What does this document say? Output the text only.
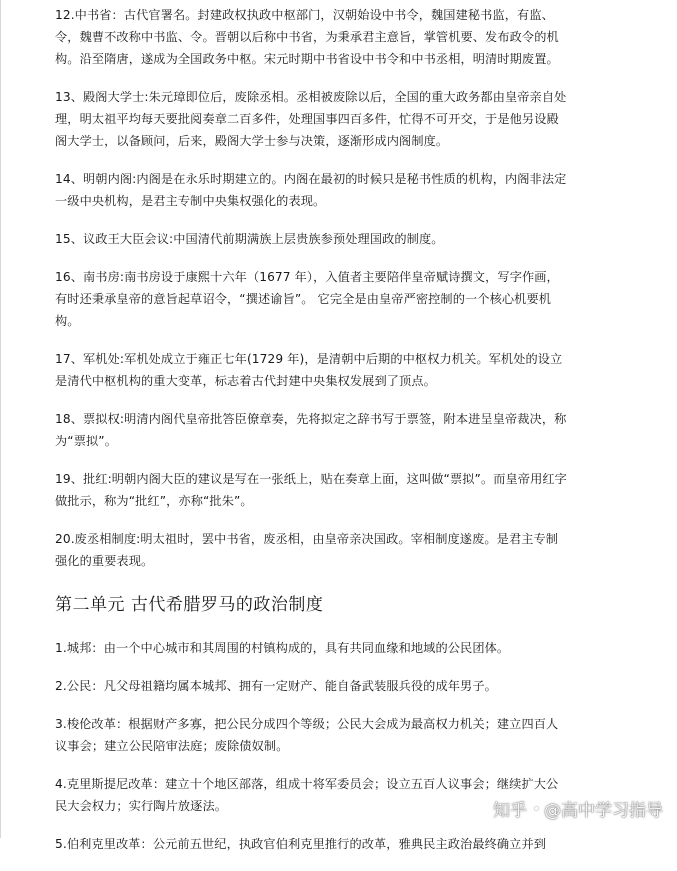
12.中书省：古代官署名。封建政权执政中枢部门，汉朝始设中书令，魏国建秘书监，有监、令，魏曹不改称中书监、令。晋朝以后称中书省，为秉承君主意旨，掌管机要、发布政令的机构。沿至隋唐，遂成为全国政务中枢。宋元时期中书省设中书令和中书丞相，明清时期废置。

13、殿阁大学士:朱元璋即位后，废除丞相。丞相被废除以后，全国的重大政务都由皇帝亲自处理，明太祖平均每天要批阅奏章二百多件，处理国事四百多件，忙得不可开交，于是他另设殿阁大学士，以备顾问，后来，殿阁大学士参与决策，逐渐形成内阁制度。

14、明朝内阁:内阁是在永乐时期建立的。内阁在最初的时候只是秘书性质的机构，内阁非法定一级中央机构，是君主专制中央集权强化的表现。

15、议政王大臣会议:中国清代前期满族上层贵族参预处理国政的制度。

16、南书房:南书房设于康熙十六年（1677 年），入值者主要陪伴皇帝赋诗撰文，写字作画，有时还秉承皇帝的意旨起草诏令，“撰述谕旨”。 它完全是由皇帝严密控制的一个核心机要机构。

17、军机处:军机处成立于雍正七年(1729 年)，是清朝中后期的中枢权力机关。军机处的设立是清代中枢机构的重大变革，标志着古代封建中央集权发展到了顶点。

18、票拟权:明清内阁代皇帝批答臣僚章奏，先将拟定之辞书写于票签，附本进呈皇帝裁决，称为“票拟”。

19、批红:明朝内阁大臣的建议是写在一张纸上，贴在奏章上面，这叫做“票拟”。而皇帝用红字做批示，称为“批红”，亦称“批朱”。

20.废丞相制度:明太祖时，罢中书省，废丞相，由皇帝亲决国政。宰相制度遂废。是君主专制强化的重要表现。

第二单元 古代希腊罗马的政治制度

1.城邦：由一个中心城市和其周围的村镇构成的，具有共同血缘和地域的公民团体。

2.公民：凡父母祖籍均属本城邦、拥有一定财产、能自备武装服兵役的成年男子。

3.梭伦改革：根据财产多寡，把公民分成四个等级；公民大会成为最高权力机关；建立四百人议事会；建立公民陪审法庭；废除债奴制。

4.克里斯提尼改革：建立十个地区部落，组成十将军委员会；设立五百人议事会；继续扩大公民大会权力；实行陶片放逐法。

5.伯利克里改革：公元前五世纪，执政官伯利克里推行的改革，雅典民主政治最终确立并到

知乎 @高中学习指导
